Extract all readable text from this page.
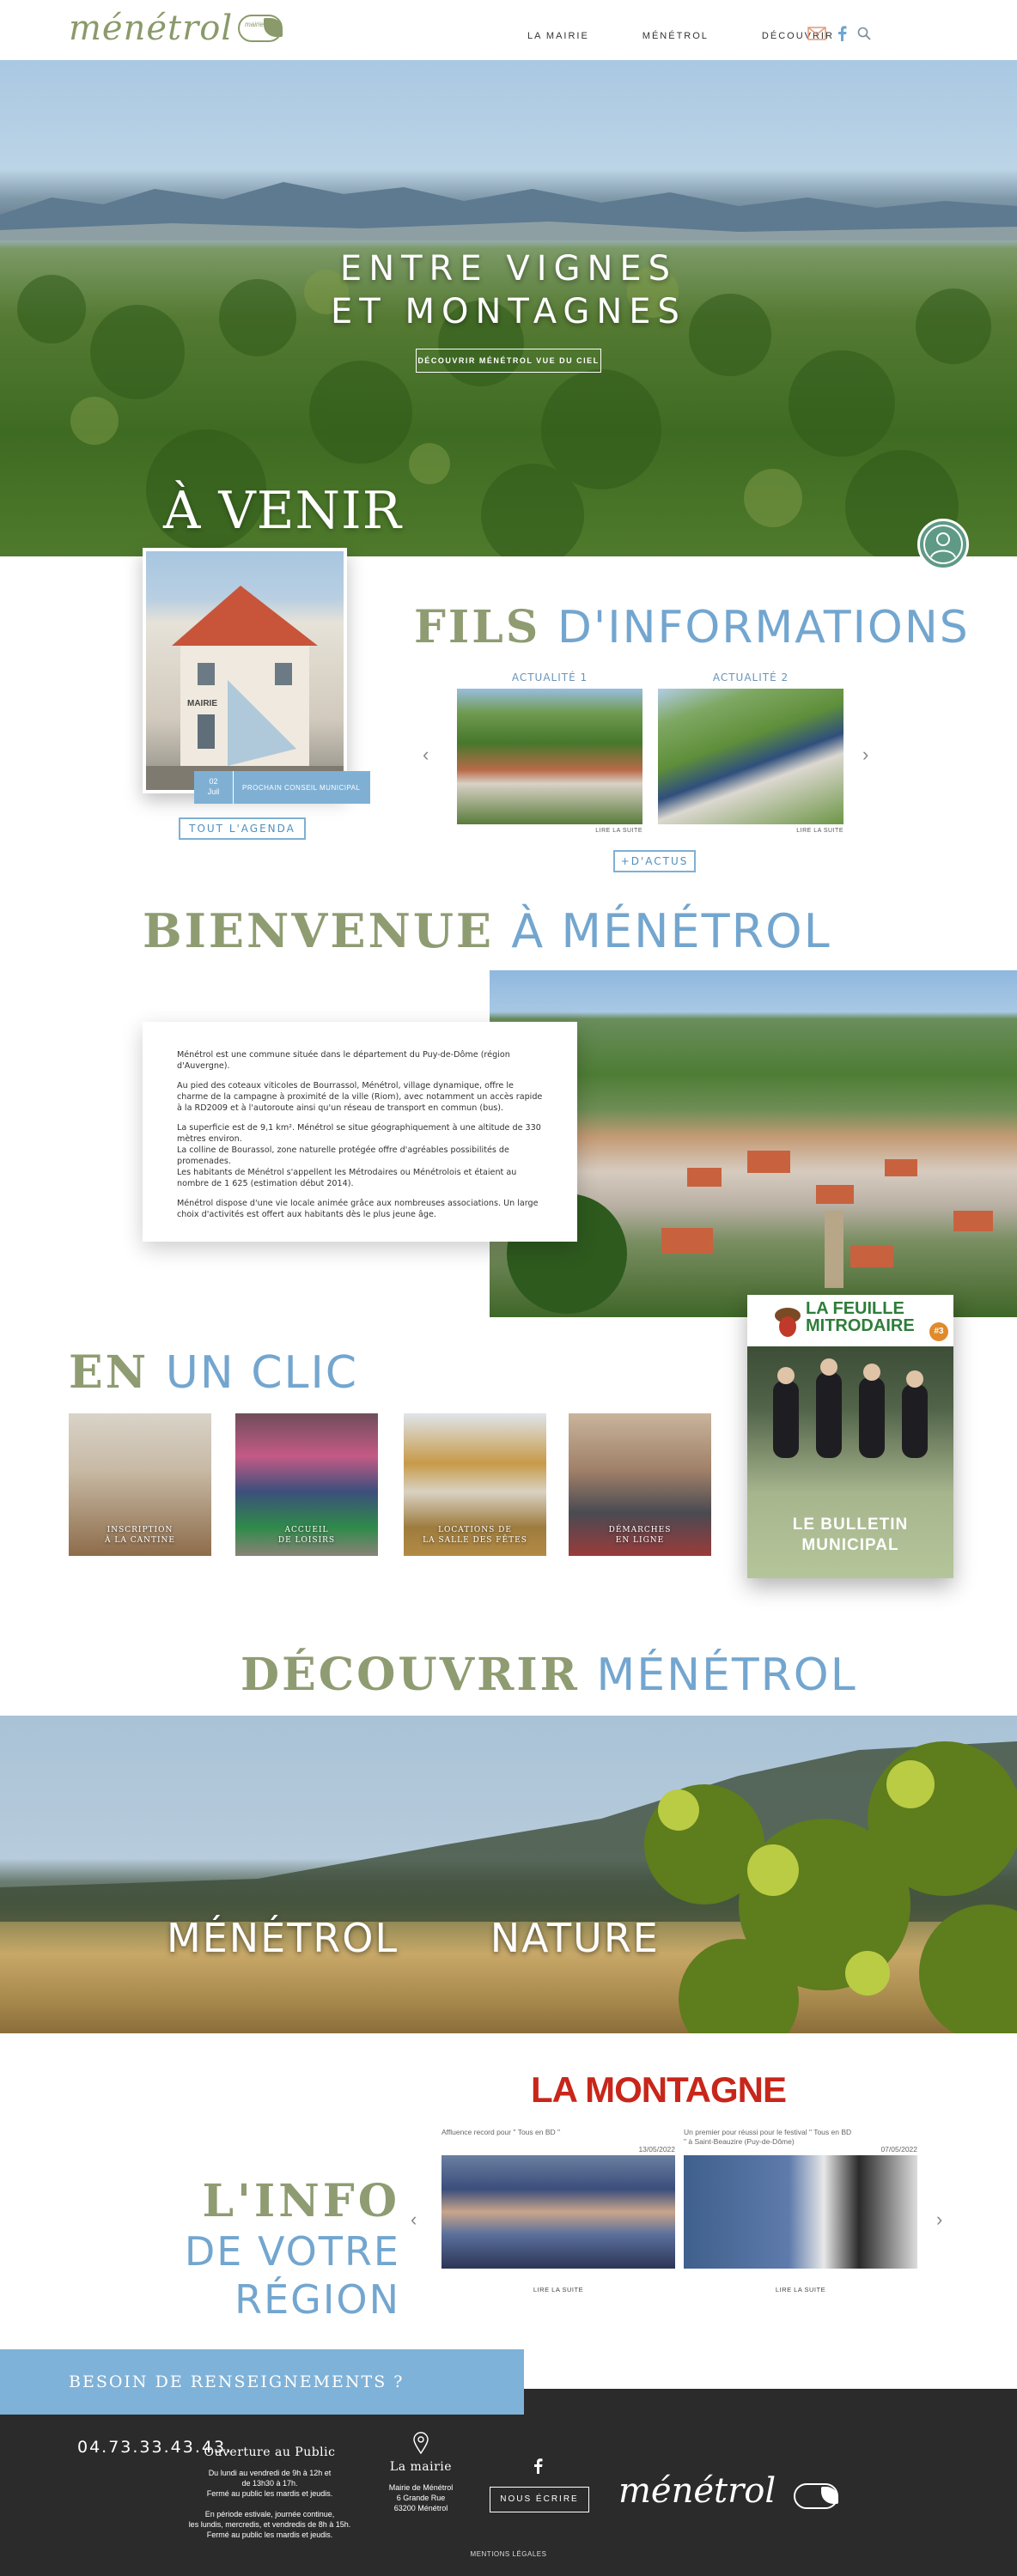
ménétrol mairie
LA MAIRIE	MÉNÉTROL	DÉCOUVRIR
ENTRE VIGNES
ET MONTAGNES
DÉCOUVRIR MÉNÉTROL VUE DU CIEL
À VENIR
MAIRIE
02
Juil	PROCHAIN CONSEIL MUNICIPAL
TOUT L'AGENDA
FILS D'INFORMATIONS
‹
ACTUALITÉ 1
LIRE LA SUITE
ACTUALITÉ 2
LIRE LA SUITE
›
+D'ACTUS
BIENVENUE À MÉNÉTROL

Ménétrol est une commune située dans le département du Puy-de-Dôme (région d'Auvergne).

Au pied des coteaux viticoles de Bourrassol, Ménétrol, village dynamique, offre le charme de la campagne à proximité de la ville (Riom), avec notamment un accès rapide à la RD2009 et à l'autoroute ainsi qu'un réseau de transport en commun (bus).

La superficie est de 9,1 km². Ménétrol se situe géographiquement à une altitude de 330 mètres environ.
La colline de Bourassol, zone naturelle protégée offre d'agréables possibilités de promenades.
Les habitants de Ménétrol s'appellent les Métrodaires ou Ménétrolois et étaient au nombre de 1 625 (estimation début 2014).

Ménétrol dispose d'une vie locale animée grâce aux nombreuses associations. Un large choix d'activités est offert aux habitants dès le plus jeune âge.

EN UN CLIC
INSCRIPTION
À LA CANTINE
ACCUEIL
DE LOISIRS
LOCATIONS DE
LA SALLE DES FÊTES
DÉMARCHES
EN LIGNE
LA FEUILLE
MITRODAIRE	#3
LE BULLETIN
MUNICIPAL
DÉCOUVRIR MÉNÉTROL
MÉNÉTROL NATURE
LA MONTAGNE
L'INFO
DE VOTRE RÉGION
‹
Affluence record pour " Tous en BD "
13/05/2022
LIRE LA SUITE
Un premier pour réussi pour le festival " Tous en BD " à Saint-Beauzire (Puy-de-Dôme)
07/05/2022
LIRE LA SUITE
›
BESOIN DE RENSEIGNEMENTS ? 04.73.33.43.43.
Ouverture au Public
Du lundi au vendredi de 9h à 12h et
de 13h30 à 17h.
Fermé au public les mardis et jeudis.
En période estivale, journée continue,
les lundis, mercredis, et vendredis de 8h à 15h.
Fermé au public les mardis et jeudis.
La mairie
Mairie de Ménétrol
6 Grande Rue
63200 Ménétrol
NOUS ÉCRIRE	ménétrol
MENTIONS LÉGALES
